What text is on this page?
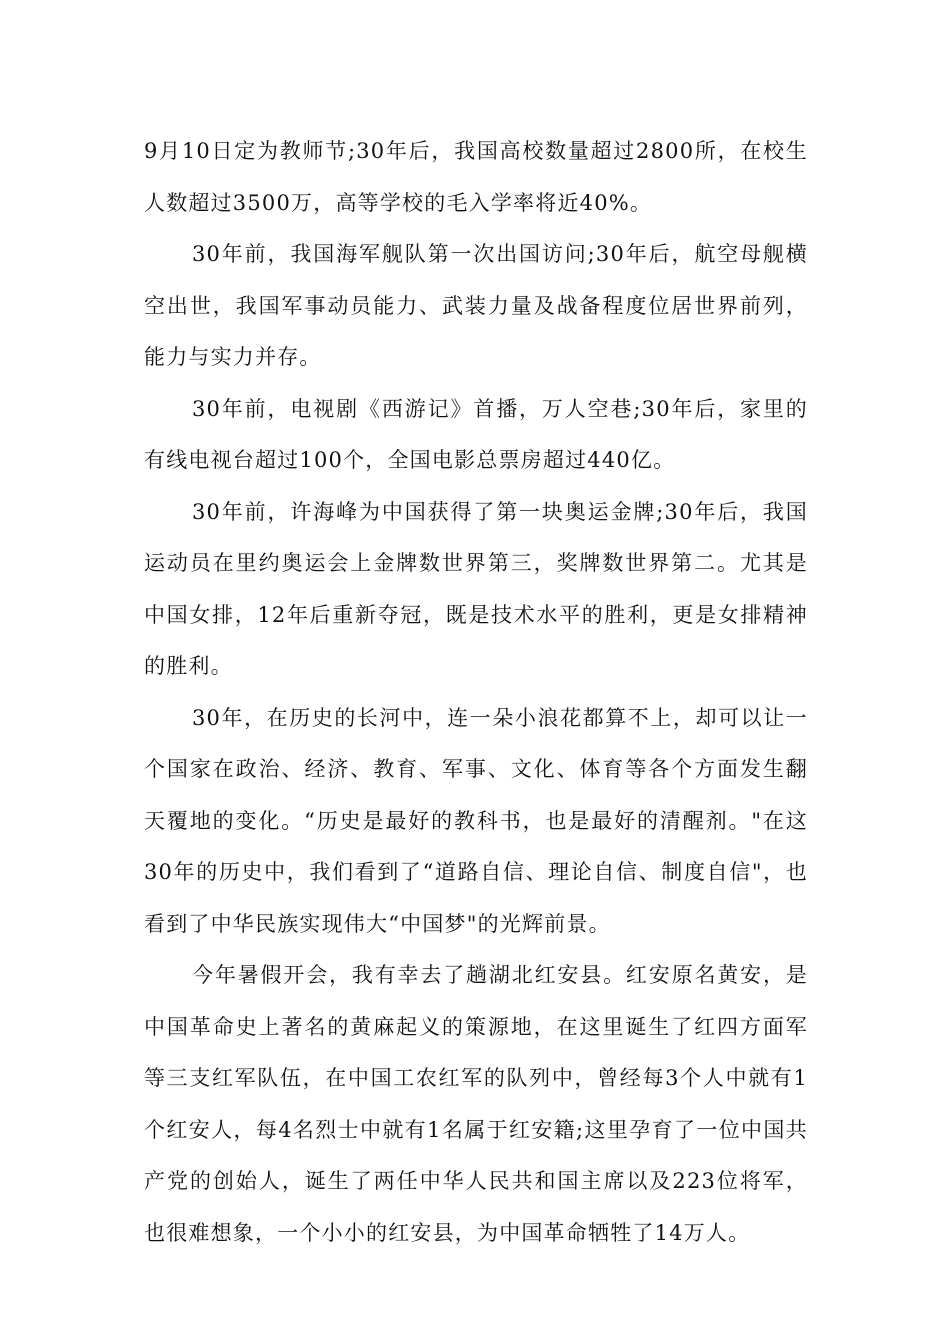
9月10日定为教师节;30年后，我国高校数量超过2800所，在校生人数超过3500万，高等学校的毛入学率将近40%。

30年前，我国海军舰队第一次出国访问;30年后，航空母舰横空出世，我国军事动员能力、武装力量及战备程度位居世界前列，能力与实力并存。

30年前，电视剧《西游记》首播，万人空巷;30年后，家里的有线电视台超过100个，全国电影总票房超过440亿。

30年前，许海峰为中国获得了第一块奥运金牌;30年后，我国运动员在里约奥运会上金牌数世界第三，奖牌数世界第二。尤其是中国女排，12年后重新夺冠，既是技术水平的胜利，更是女排精神的胜利。

30年，在历史的长河中，连一朵小浪花都算不上，却可以让一个国家在政治、经济、教育、军事、文化、体育等各个方面发生翻天覆地的变化。“历史是最好的教科书，也是最好的清醒剂。"在这30年的历史中，我们看到了“道路自信、理论自信、制度自信"，也看到了中华民族实现伟大“中国梦"的光辉前景。

今年暑假开会，我有幸去了趟湖北红安县。红安原名黄安，是中国革命史上著名的黄麻起义的策源地，在这里诞生了红四方面军等三支红军队伍，在中国工农红军的队列中，曾经每3个人中就有1个红安人，每4名烈士中就有1名属于红安籍;这里孕育了一位中国共产党的创始人，诞生了两任中华人民共和国主席以及223位将军，也很难想象，一个小小的红安县，为中国革命牺牲了14万人。
